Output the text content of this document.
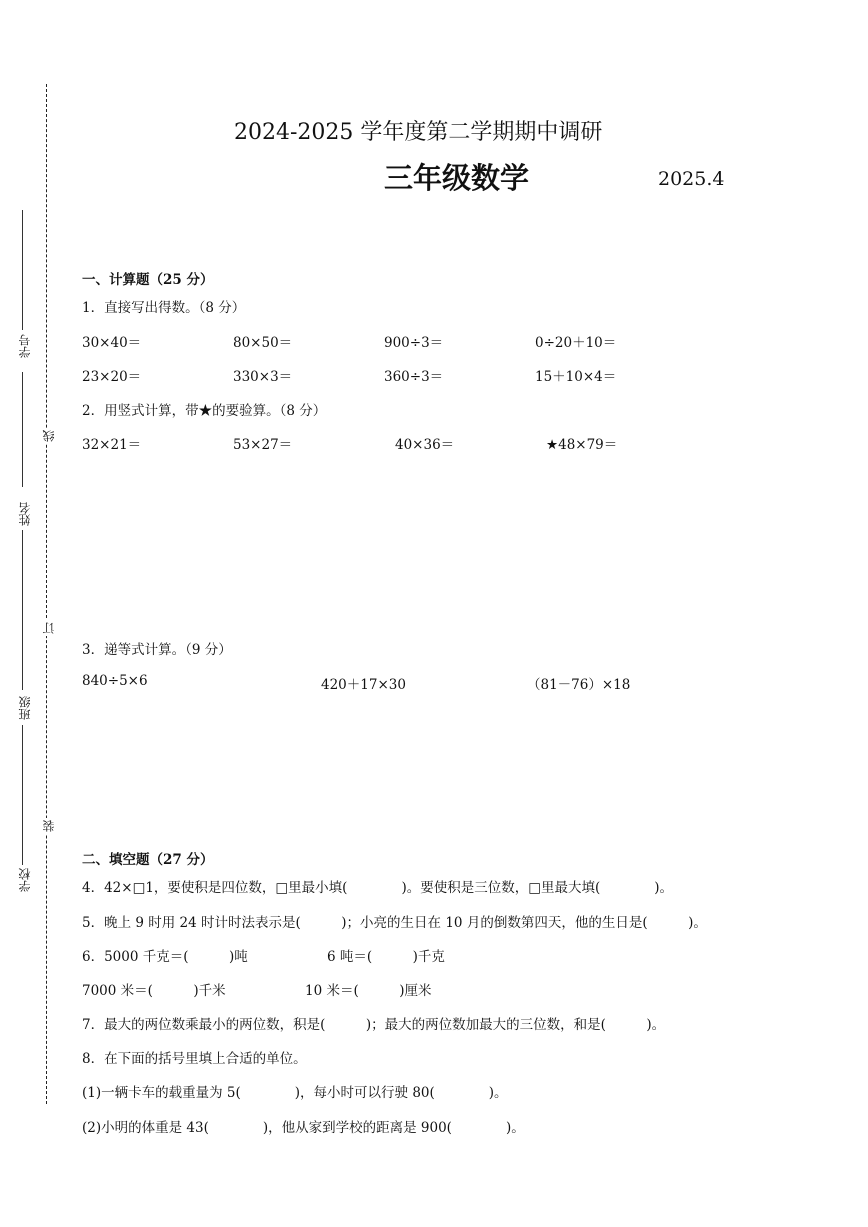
学号
姓名
班级
学校
线
订
装
2024-2025 学年度第二学期期中调研
三年级数学	2025.4
一、计算题（25 分）
1．直接写出得数。（8 分）
30×40＝	80×50＝	900÷3＝	0÷20＋10＝
23×20＝	330×3＝	360÷3＝	15＋10×4＝
2．用竖式计算，带★的要验算。（8 分）
32×21＝	53×27＝	40×36＝	★48×79＝
3．递等式计算。（9 分）
840÷5×6	420＋17×30	（81－76）×18
二、填空题（27 分）
4．42×□1，要使积是四位数，□里最小填(　　　　)。要使积是三位数，□里最大填(　　　　)。
5．晚上 9 时用 24 时计时法表示是(　　　)；小亮的生日在 10 月的倒数第四天，他的生日是(　　　)。
6．5000 千克＝(　　　)吨	6 吨＝(　　　)千克
7000 米＝(　　　)千米	10 米＝(　　　)厘米
7．最大的两位数乘最小的两位数，积是(　　　)；最大的两位数加最大的三位数，和是(　　　)。
8．在下面的括号里填上合适的单位。
(1)一辆卡车的载重量为 5(　　　　)，每小时可以行驶 80(　　　　)。
(2)小明的体重是 43(　　　　)，他从家到学校的距离是 900(　　　　)。
